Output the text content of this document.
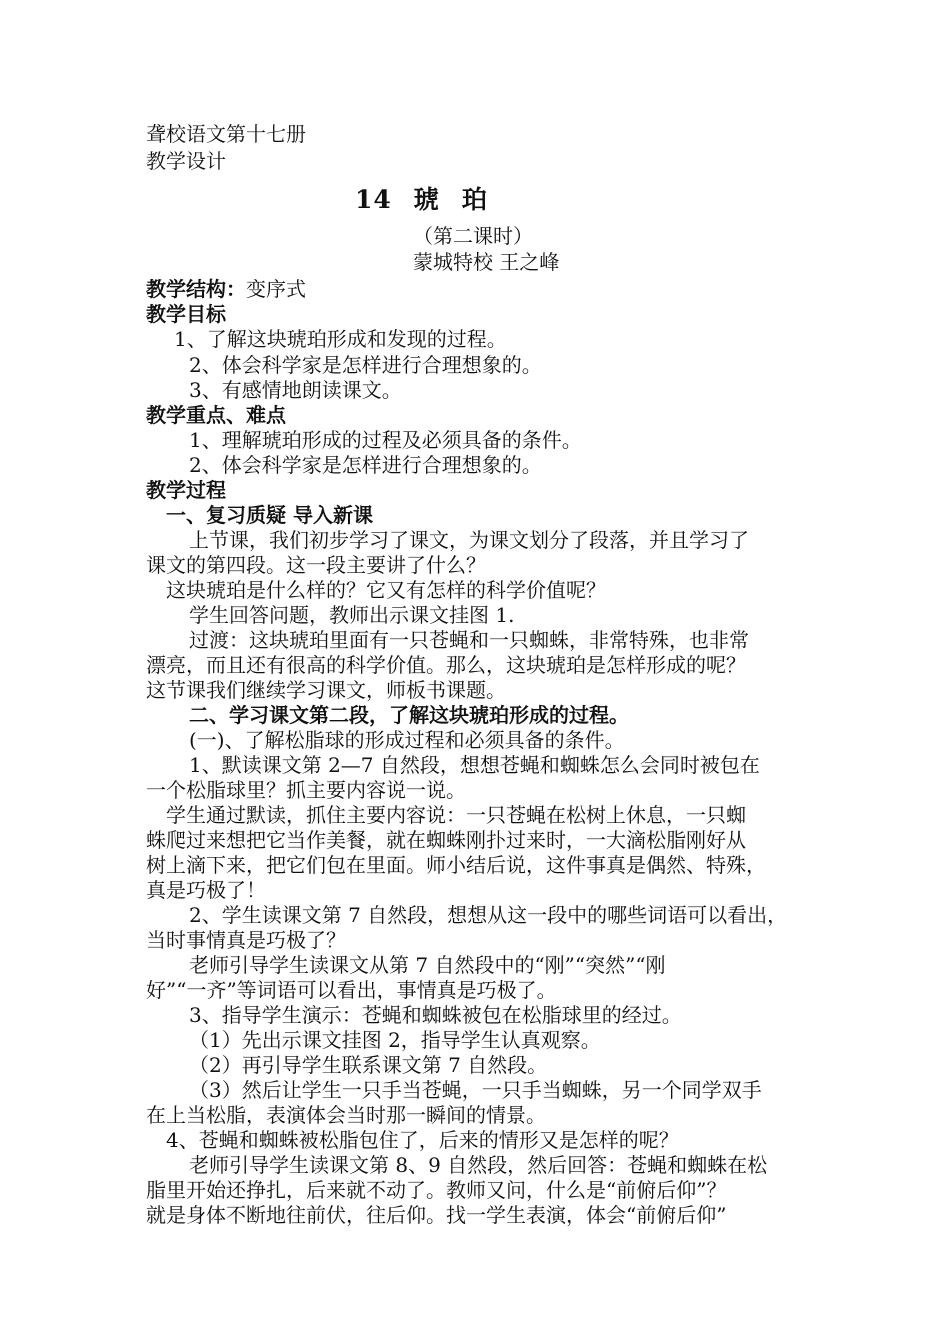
聋校语文第十七册
教学设计
14 琥 珀
（第二课时）
蒙城特校 王之峰
教学结构：变序式
教学目标
1、了解这块琥珀形成和发现的过程。
2、体会科学家是怎样进行合理想象的。
3、有感情地朗读课文。
教学重点、难点
1、理解琥珀形成的过程及必须具备的条件。
2、体会科学家是怎样进行合理想象的。
教学过程
一、复习质疑 导入新课
上节课，我们初步学习了课文，为课文划分了段落，并且学习了
课文的第四段。这一段主要讲了什么？
这块琥珀是什么样的？它又有怎样的科学价值呢？
学生回答问题，教师出示课文挂图 1.
过渡：这块琥珀里面有一只苍蝇和一只蜘蛛，非常特殊，也非常
漂亮，而且还有很高的科学价值。那么，这块琥珀是怎样形成的呢？
这节课我们继续学习课文，师板书课题。
二、学习课文第二段，了解这块琥珀形成的过程。
(一)、了解松脂球的形成过程和必须具备的条件。
1、默读课文第 2—7 自然段，想想苍蝇和蜘蛛怎么会同时被包在
一个松脂球里？抓主要内容说一说。
学生通过默读，抓住主要内容说：一只苍蝇在松树上休息，一只蜘
蛛爬过来想把它当作美餐，就在蜘蛛刚扑过来时，一大滴松脂刚好从
树上滴下来，把它们包在里面。师小结后说，这件事真是偶然、特殊，
真是巧极了！
2、学生读课文第 7 自然段，想想从这一段中的哪些词语可以看出，
当时事情真是巧极了？
老师引导学生读课文从第 7 自然段中的“刚”“突然”“刚
好”“一齐”等词语可以看出，事情真是巧极了。
3、指导学生演示：苍蝇和蜘蛛被包在松脂球里的经过。
（1）先出示课文挂图 2，指导学生认真观察。
（2）再引导学生联系课文第 7 自然段。
（3）然后让学生一只手当苍蝇，一只手当蜘蛛，另一个同学双手
在上当松脂，表演体会当时那一瞬间的情景。
4、苍蝇和蜘蛛被松脂包住了，后来的情形又是怎样的呢？
老师引导学生读课文第 8、9 自然段，然后回答：苍蝇和蜘蛛在松
脂里开始还挣扎，后来就不动了。教师又问，什么是“前俯后仰”？
就是身体不断地往前伏，往后仰。找一学生表演，体会“前俯后仰”
